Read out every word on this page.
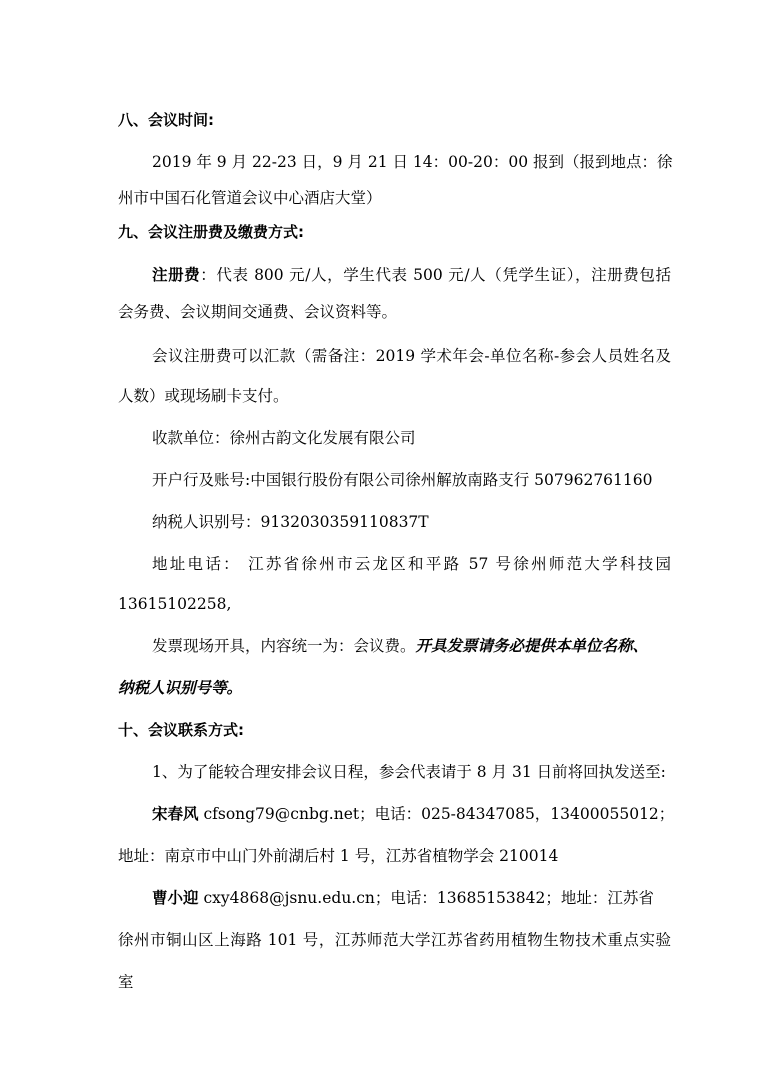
八、会议时间:
2019 年 9 月 22-23 日，9 月 21 日 14：00-20：00 报到（报到地点：徐
州市中国石化管道会议中心酒店大堂）
九、会议注册费及缴费方式:
注册费：代表 800 元/人，学生代表 500 元/人（凭学生证），注册费包括
会务费、会议期间交通费、会议资料等。
会议注册费可以汇款（需备注：2019 学术年会-单位名称-参会人员姓名及
人数）或现场刷卡支付。
收款单位：徐州古韵文化发展有限公司
开户行及账号:中国银行股份有限公司徐州解放南路支行 507962761160
纳税人识别号：9132030359110837T
地址电话： 江苏省徐州市云龙区和平路 57 号徐州师范大学科技园
13615102258,
发票现场开具，内容统一为：会议费。开具发票请务必提供本单位名称、
纳税人识别号等。
十、会议联系方式:
1、为了能较合理安排会议日程，参会代表请于 8 月 31 日前将回执发送至:
宋春风 cfsong79@cnbg.net；电话：025-84347085，13400055012；
地址：南京市中山门外前湖后村 1 号，江苏省植物学会 210014
曹小迎 cxy4868@jsnu.edu.cn；电话：13685153842；地址：江苏省
徐州市铜山区上海路 101 号，江苏师范大学江苏省药用植物生物技术重点实验
室
